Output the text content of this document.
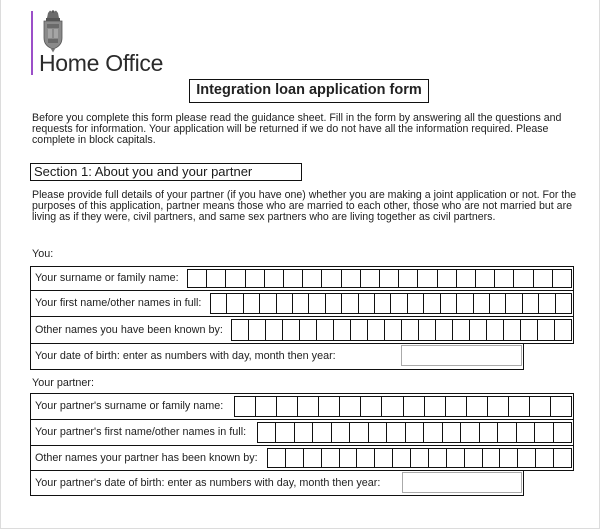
Home Office
Integration loan application form
Before you complete this form please read the guidance sheet. Fill in the form by answering all the questions and requests for information. Your application will be returned if we do not have all the information required. Please complete in block capitals.
Section 1: About you and your partner
Please provide full details of your partner (if you have one) whether you are making a joint application or not. For the purposes of this application, partner means those who are married to each other, those who are not married but are living as if they were, civil partners, and same sex partners who are living together as civil partners.
You:
Your surname or family name:
Your first name/other names in full:
Other names you have been known by:
Your date of birth: enter as numbers with day, month then year:
Your partner:
Your partner's surname or family name:
Your partner's first name/other names in full:
Other names your partner has been known by:
Your partner's date of birth: enter as numbers with day, month then year:
